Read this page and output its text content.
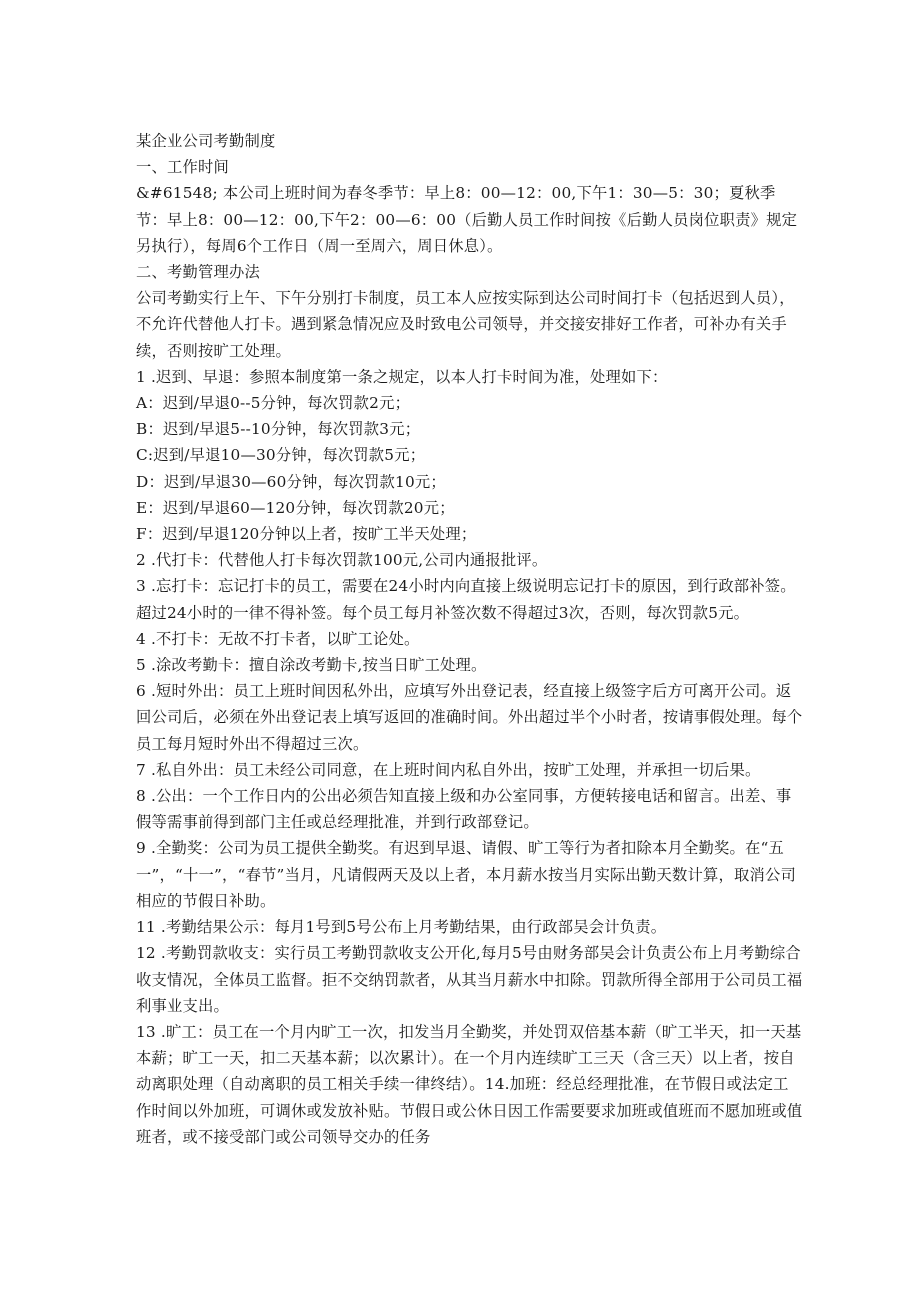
某企业公司考勤制度

一、工作时间

&#61548; 本公司上班时间为春冬季节：早上8：00—12：00,下午1：30—5：30；夏秋季节：早上8：00—12：00,下午2：00—6：00（后勤人员工作时间按《后勤人员岗位职责》规定另执行），每周6个工作日（周一至周六，周日休息）。

二、考勤管理办法

公司考勤实行上午、下午分别打卡制度，员工本人应按实际到达公司时间打卡（包括迟到人员），不允许代替他人打卡。遇到紧急情况应及时致电公司领导，并交接安排好工作者，可补办有关手续，否则按旷工处理。

1 .迟到、早退：参照本制度第一条之规定，以本人打卡时间为准，处理如下：

A：迟到/早退0--5分钟，每次罚款2元；

B：迟到/早退5--10分钟，每次罚款3元；

C:迟到/早退10—30分钟，每次罚款5元；

D：迟到/早退30—60分钟，每次罚款10元；

E：迟到/早退60—120分钟，每次罚款20元；

F：迟到/早退120分钟以上者，按旷工半天处理；

2 .代打卡：代替他人打卡每次罚款100元,公司内通报批评。

3 .忘打卡：忘记打卡的员工，需要在24小时内向直接上级说明忘记打卡的原因，到行政部补签。超过24小时的一律不得补签。每个员工每月补签次数不得超过3次，否则，每次罚款5元。

4 .不打卡：无故不打卡者，以旷工论处。

5 .涂改考勤卡：擅自涂改考勤卡,按当日旷工处理。

6 .短时外出：员工上班时间因私外出，应填写外出登记表，经直接上级签字后方可离开公司。返回公司后，必须在外出登记表上填写返回的准确时间。外出超过半个小时者，按请事假处理。每个员工每月短时外出不得超过三次。

7 .私自外出：员工未经公司同意，在上班时间内私自外出，按旷工处理，并承担一切后果。

8 .公出：一个工作日内的公出必须告知直接上级和办公室同事，方便转接电话和留言。出差、事假等需事前得到部门主任或总经理批准，并到行政部登记。

9 .全勤奖：公司为员工提供全勤奖。有迟到早退、请假、旷工等行为者扣除本月全勤奖。在“五一”，“十一”，“春节”当月，凡请假两天及以上者，本月薪水按当月实际出勤天数计算，取消公司相应的节假日补助。

11 .考勤结果公示：每月1号到5号公布上月考勤结果，由行政部吴会计负责。

12 .考勤罚款收支：实行员工考勤罚款收支公开化,每月5号由财务部吴会计负责公布上月考勤综合收支情况，全体员工监督。拒不交纳罚款者，从其当月薪水中扣除。罚款所得全部用于公司员工福利事业支出。

13 .旷工：员工在一个月内旷工一次，扣发当月全勤奖，并处罚双倍基本薪（旷工半天，扣一天基本薪；旷工一天，扣二天基本薪；以次累计）。在一个月内连续旷工三天（含三天）以上者，按自动离职处理（自动离职的员工相关手续一律终结）。14.加班：经总经理批准，在节假日或法定工作时间以外加班，可调休或发放补贴。节假日或公休日因工作需要要求加班或值班而不愿加班或值班者，或不接受部门或公司领导交办的任务
